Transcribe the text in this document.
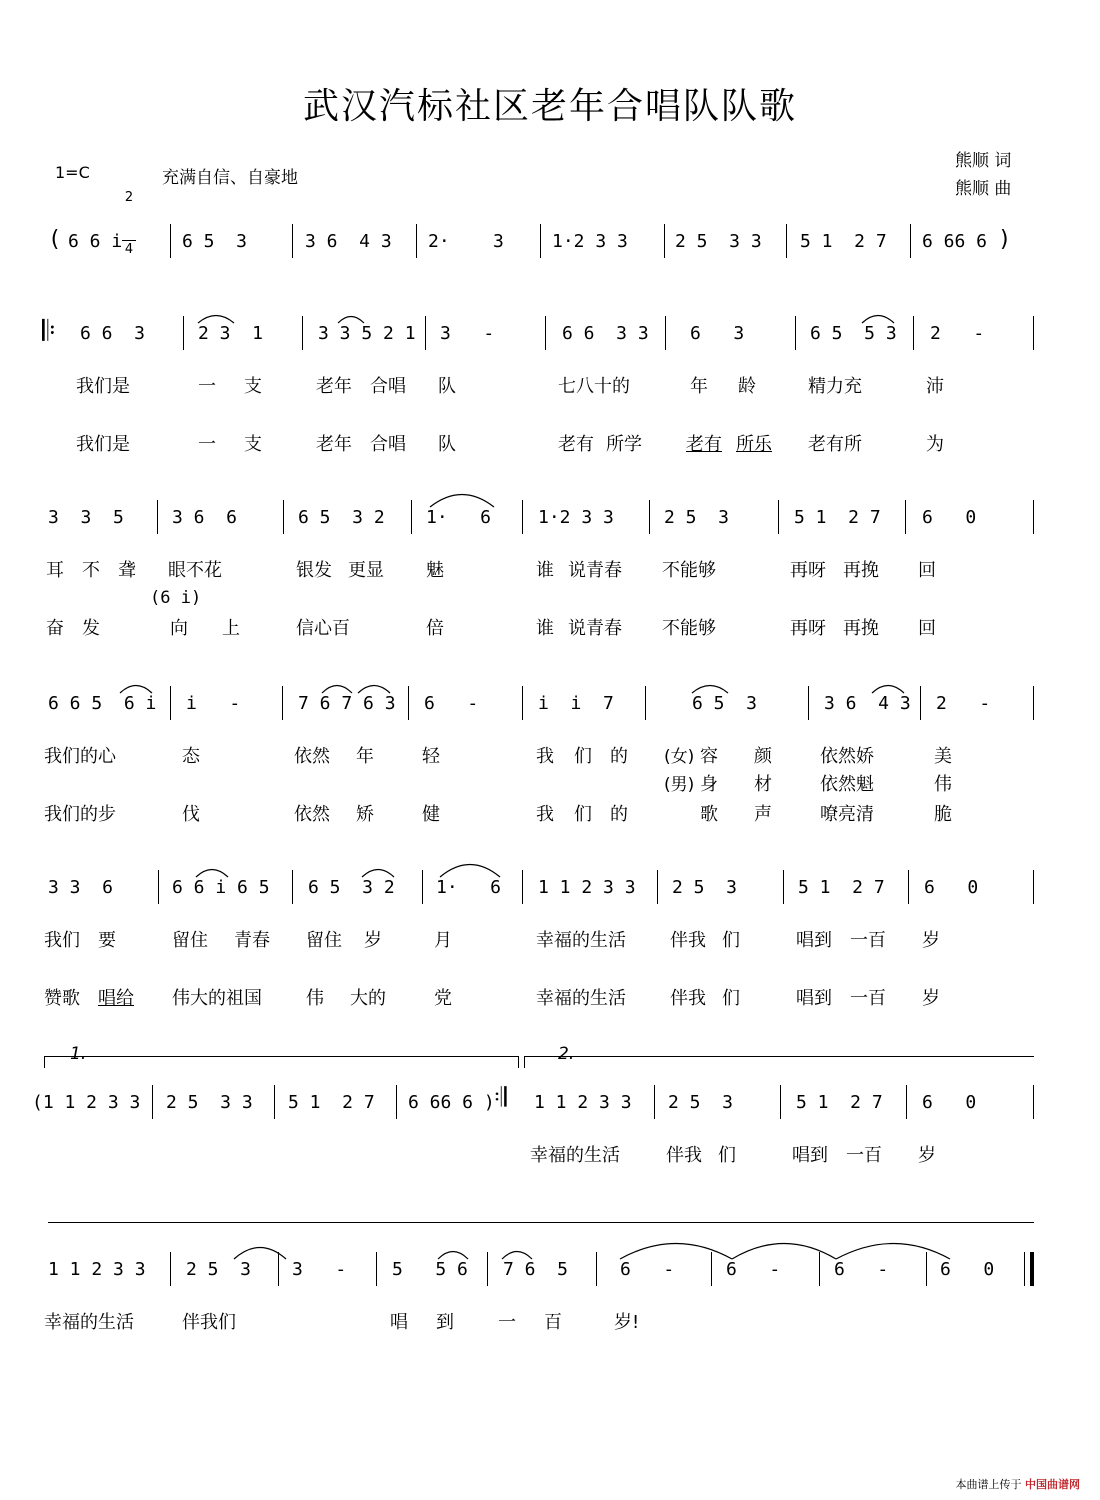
武汉汽标社区老年合唱队队歌
1=C

2

4

充满自信、自豪地
熊顺 词
熊顺 曲
( 6 6 i	6 5  3	3 6  4 3 2·    3	1·2 3 3	2 5  3 3 5 1  2 7 6 66 6 )
𝄆 6 6  3	2 3  1	3 3 5 2 1 3   -	6 6  3 3 6   3	6 5  5 3 2   -
我们是	一 支	老年 合唱 队	七八十的	年 龄	精力充	沛
我们是	一 支	老年 合唱 队	老有 所学 老有 所乐 老有所	为
3  3  5	3 6  6	6 5  3 2 1·   6	1·2 3 3	2 5  3	5 1  2 7 6   0
耳 不 聋 眼不花	银发 更显 魅	谁 说青春 不能够	再呀 再挽 回
(6 i)
奋 发	向 上	信心百	倍	谁 说青春 不能够	再呀 再挽 回
6 6 5  6 i i   -	7 6 7 6 3 6   -	i  i  7	6 5  3	3 6  4 3 2   -
我们的心	态	依然 年	轻	我 们 的 (女) 容 颜	依然娇	美
(男) 身 材	依然魁	伟
我们的步	伐	依然 矫	健	我 们 的	歌 声	嘹亮清	脆
3 3  6	6 6 i 6 5 6 5  3 2 1·   6 1 1 2 3 3 2 5  3	5 1  2 7 6   0
我们 要	留住 青春 留住 岁	月	幸福的生活 伴我 们	唱到 一百 岁
赞歌 唱给 伟大的祖国 伟 大的	党	幸福的生活 伴我 们	唱到 一百 岁
1.	2.
(1 1 2 3 3 2 5  3 3 5 1  2 7 6 66 6 ) 𝄇 1 1 2 3 3 2 5  3	5 1  2 7 6   0
幸福的生活	伴我 们	唱到 一百 岁
1 1 2 3 3 2 5  3 3   -	5   5 6 7 6  5	6   -	6   -	6   -	6   0
幸福的生活	伴我们	唱 到 一 百	岁!
本曲谱上传于 中国曲谱网
